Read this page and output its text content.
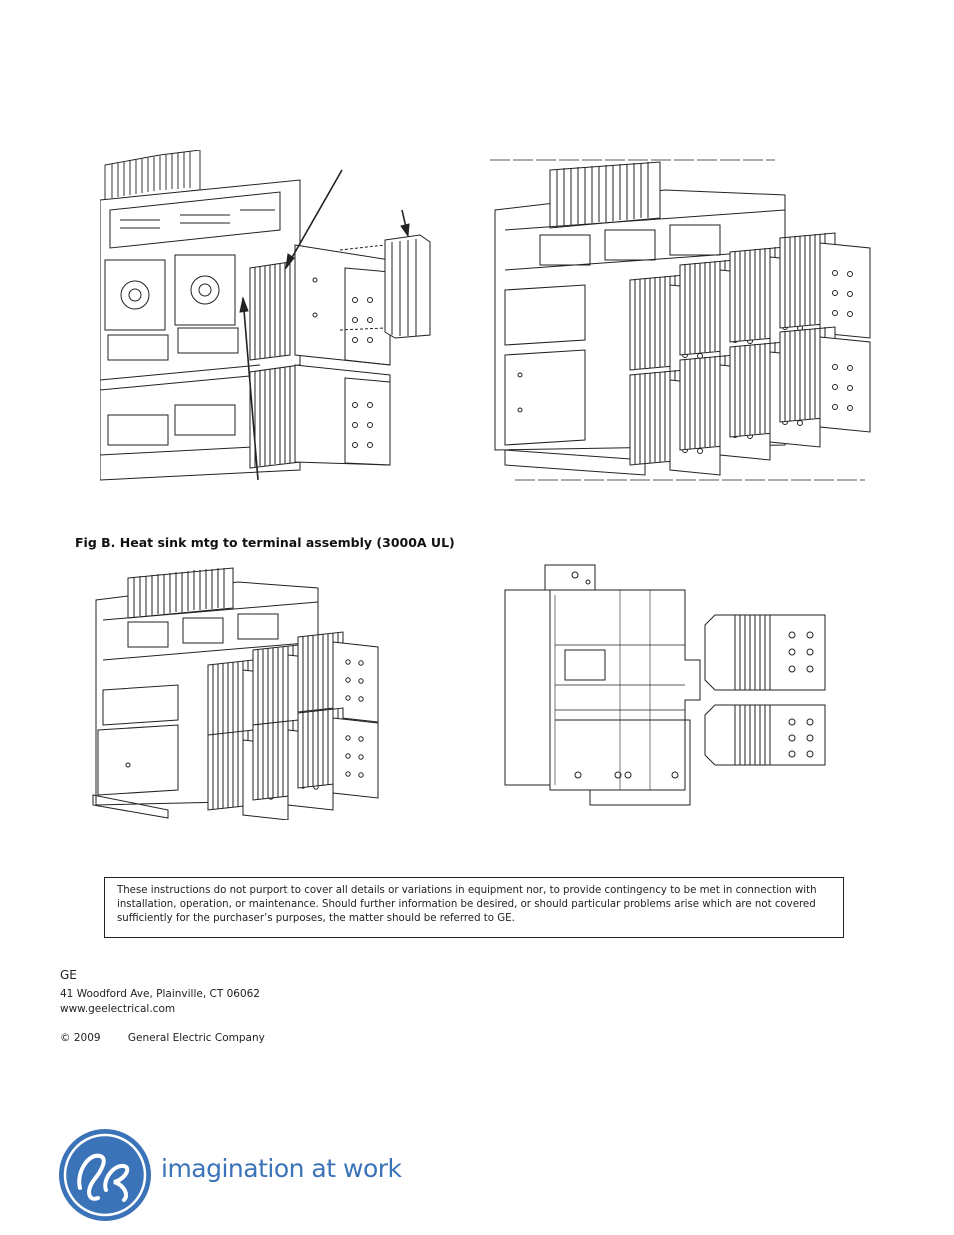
Fig B. Heat sink mtg to terminal assembly (3000A UL)
These instructions do not purport to cover all details or variations in equipment nor, to provide contingency to be met in connection with installation, operation, or maintenance. Should further information be desired, or should particular problems arise which are not covered sufficiently for the purchaser’s purposes, the matter should be referred to GE.
GE
41 Woodford Ave, Plainville, CT 06062
www.geelectrical.com
© 2009	General Electric Company
imagination at work
